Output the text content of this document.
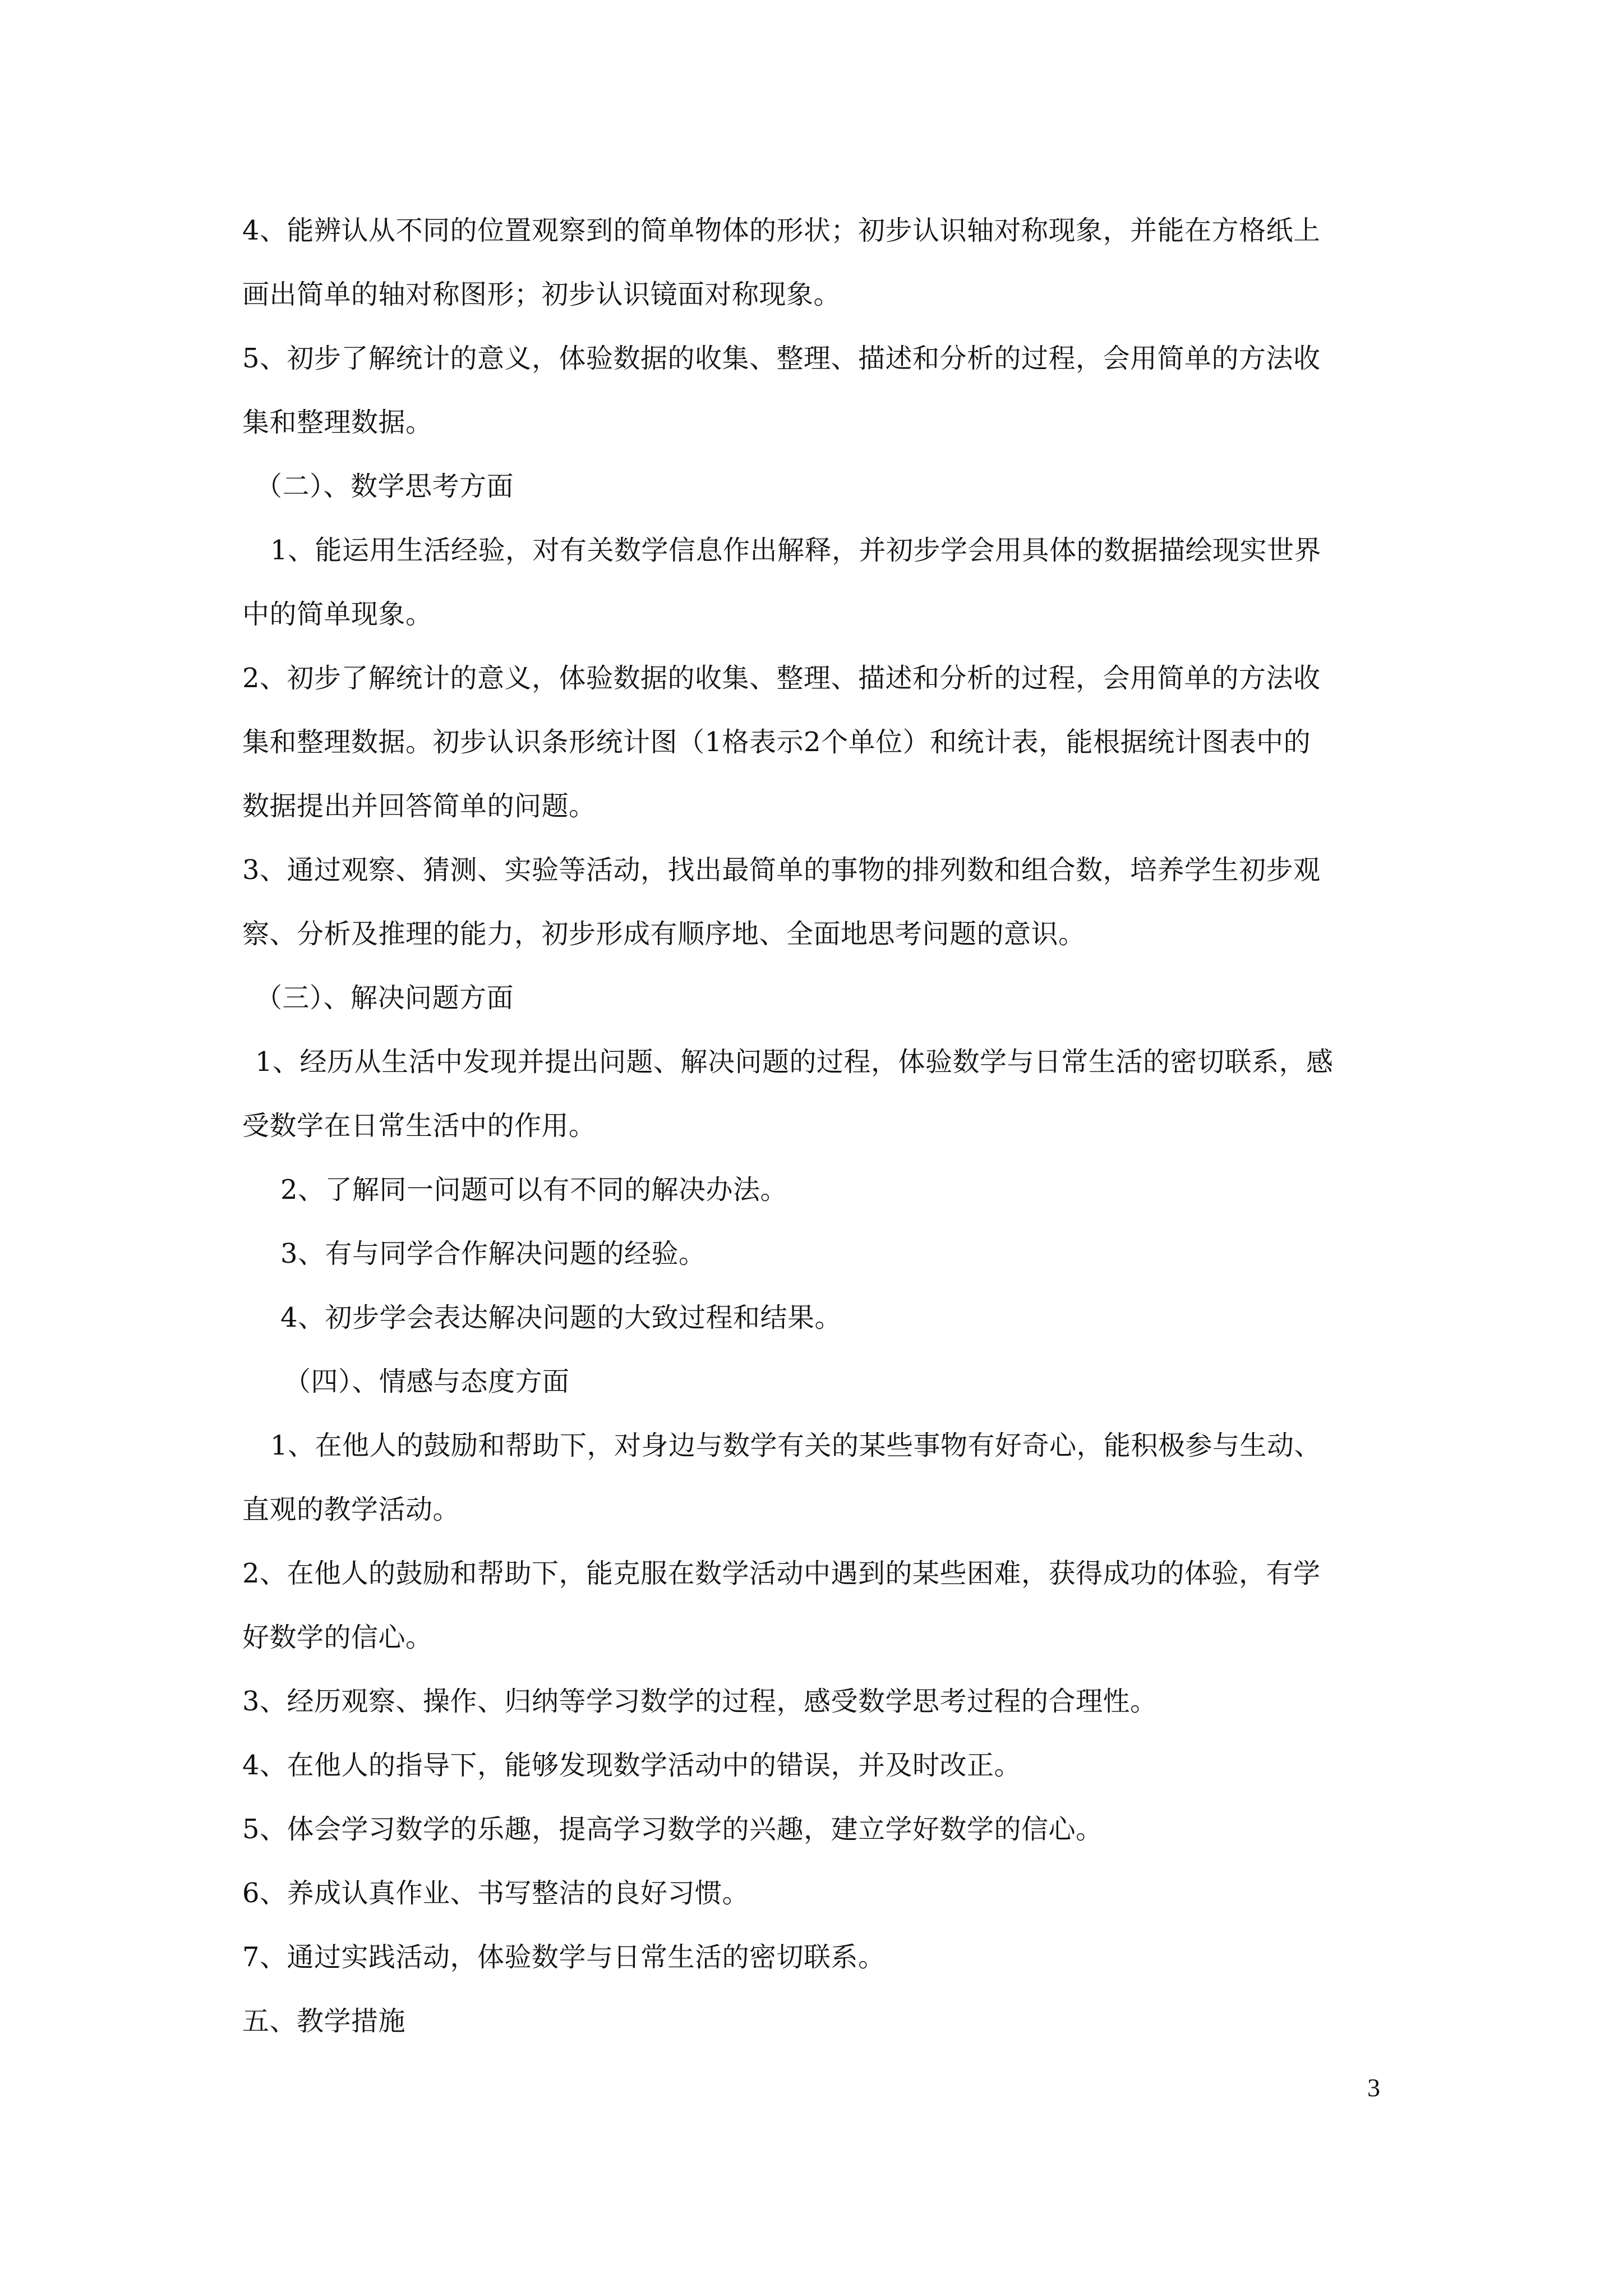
4、能辨认从不同的位置观察到的简单物体的形状；初步认识轴对称现象，并能在方格纸上
画出简单的轴对称图形；初步认识镜面对称现象。
5、初步了解统计的意义，体验数据的收集、整理、描述和分析的过程，会用简单的方法收
集和整理数据。
（二）、数学思考方面
1、能运用生活经验，对有关数学信息作出解释，并初步学会用具体的数据描绘现实世界
中的简单现象。
2、初步了解统计的意义，体验数据的收集、整理、描述和分析的过程，会用简单的方法收
集和整理数据。初步认识条形统计图（1格表示2个单位）和统计表，能根据统计图表中的
数据提出并回答简单的问题。
3、通过观察、猜测、实验等活动，找出最简单的事物的排列数和组合数，培养学生初步观
察、分析及推理的能力，初步形成有顺序地、全面地思考问题的意识。
（三）、解决问题方面
1、经历从生活中发现并提出问题、解决问题的过程，体验数学与日常生活的密切联系，感
受数学在日常生活中的作用。
2、了解同一问题可以有不同的解决办法。
3、有与同学合作解决问题的经验。
4、初步学会表达解决问题的大致过程和结果。
（四）、情感与态度方面
1、在他人的鼓励和帮助下，对身边与数学有关的某些事物有好奇心，能积极参与生动、
直观的教学活动。
2、在他人的鼓励和帮助下，能克服在数学活动中遇到的某些困难，获得成功的体验，有学
好数学的信心。
3、经历观察、操作、归纳等学习数学的过程，感受数学思考过程的合理性。
4、在他人的指导下，能够发现数学活动中的错误，并及时改正。
5、体会学习数学的乐趣，提高学习数学的兴趣，建立学好数学的信心。
6、养成认真作业、书写整洁的良好习惯。
7、通过实践活动，体验数学与日常生活的密切联系。
五、教学措施
3
